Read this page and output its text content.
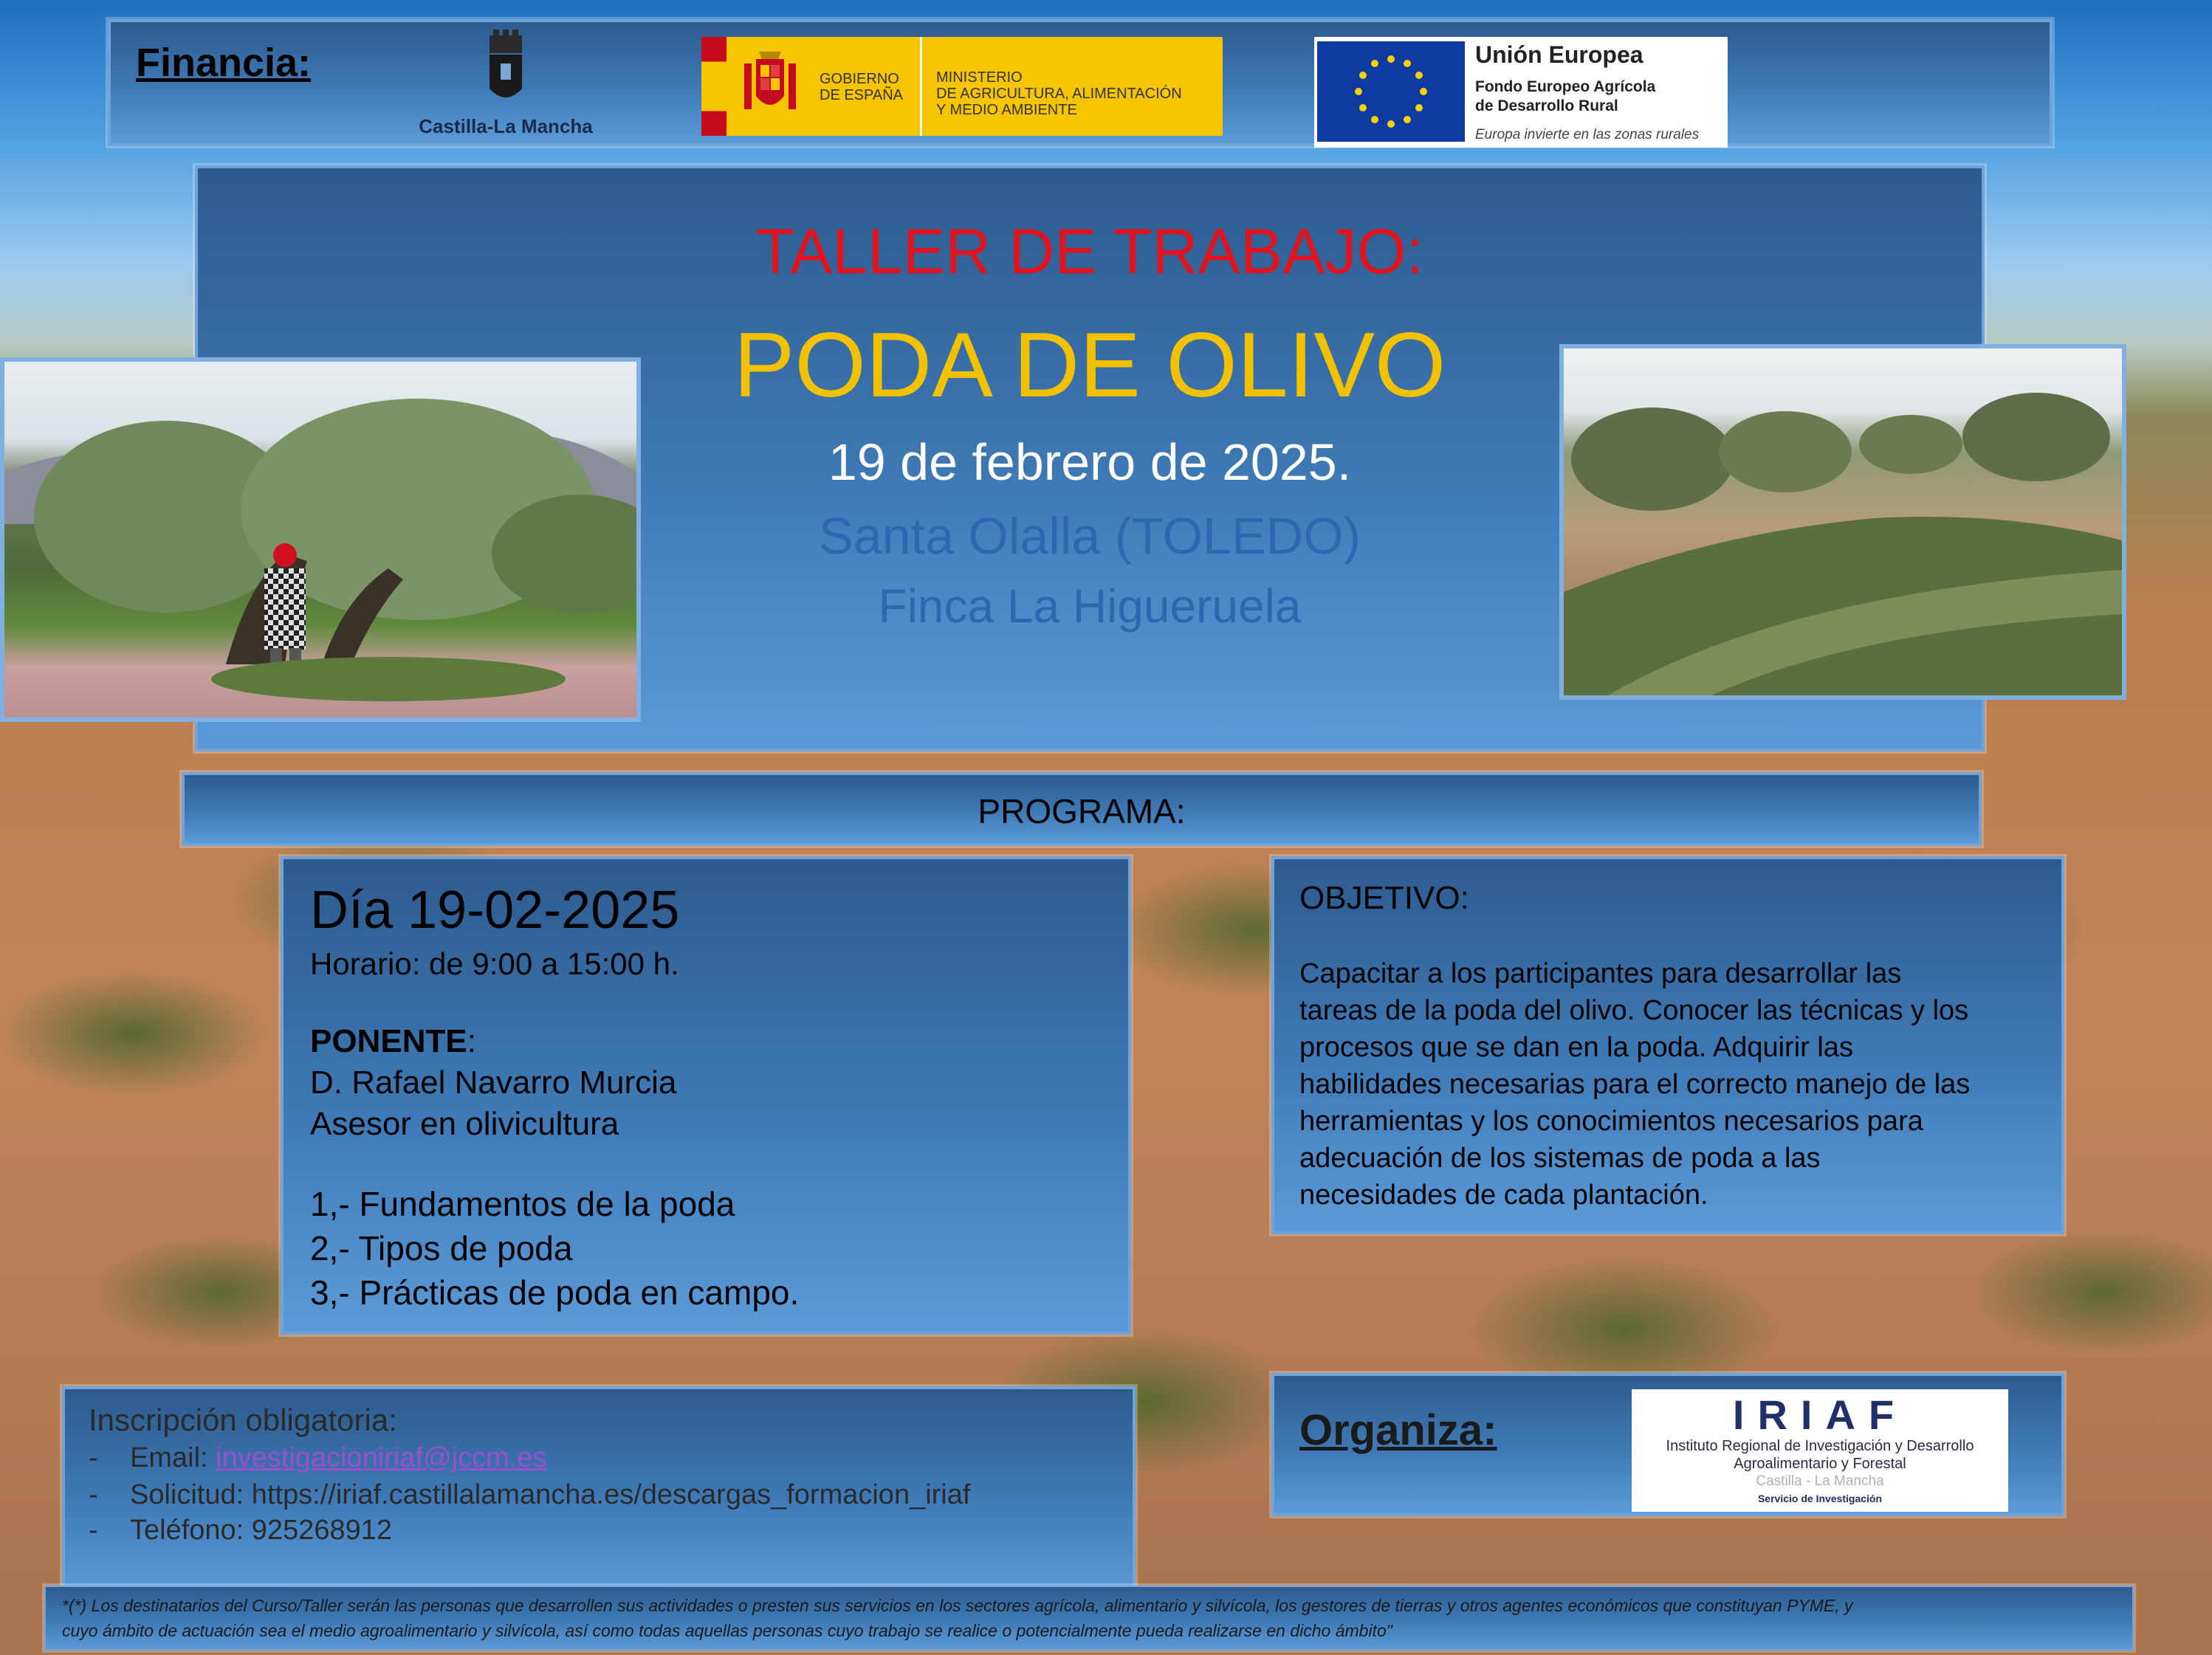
Financia:
Castilla-La Mancha
GOBIERNO
DE ESPAÑA
MINISTERIO
DE AGRICULTURA, ALIMENTACIÓN
Y MEDIO AMBIENTE
Unión Europea
Fondo Europeo Agrícola
de Desarrollo Rural
Europa invierte en las zonas rurales
TALLER DE TRABAJO:
PODA DE OLIVO
19 de febrero de 2025.
Santa Olalla (TOLEDO)
Finca La Higueruela
PROGRAMA:
Día 19-02-2025
Horario: de 9:00 a 15:00 h.
PONENTE:
D. Rafael Navarro Murcia
Asesor en olivicultura
1,- Fundamentos de la poda
2,- Tipos de poda
3,- Prácticas de poda en campo.
OBJETIVO:
Capacitar a los participantes para desarrollar las
tareas de la poda del olivo. Conocer las técnicas y los
procesos que se dan en la poda. Adquirir las
habilidades necesarias para el correcto manejo de las
herramientas y los conocimientos necesarios para
adecuación de los sistemas de poda a las
necesidades de cada plantación.
Inscripción obligatoria:
- Email: investigacioniriaf@jccm.es
- Solicitud: https://iriaf.castillalamancha.es/descargas_formacion_iriaf
- Teléfono: 925268912
Organiza:	IRIAF
Instituto Regional de Investigación y Desarrollo
Agroalimentario y Forestal
Castilla - La Mancha
Servicio de Investigación
*(*) Los destinatarios del Curso/Taller serán las personas que desarrollen sus actividades o presten sus servicios en los sectores agrícola, alimentario y silvícola, los gestores de tierras y otros agentes económicos que constituyan PYME, y
cuyo ámbito de actuación sea el medio agroalimentario y silvícola, así como todas aquellas personas cuyo trabajo se realice o potencialmente pueda realizarse en dicho ámbito"
